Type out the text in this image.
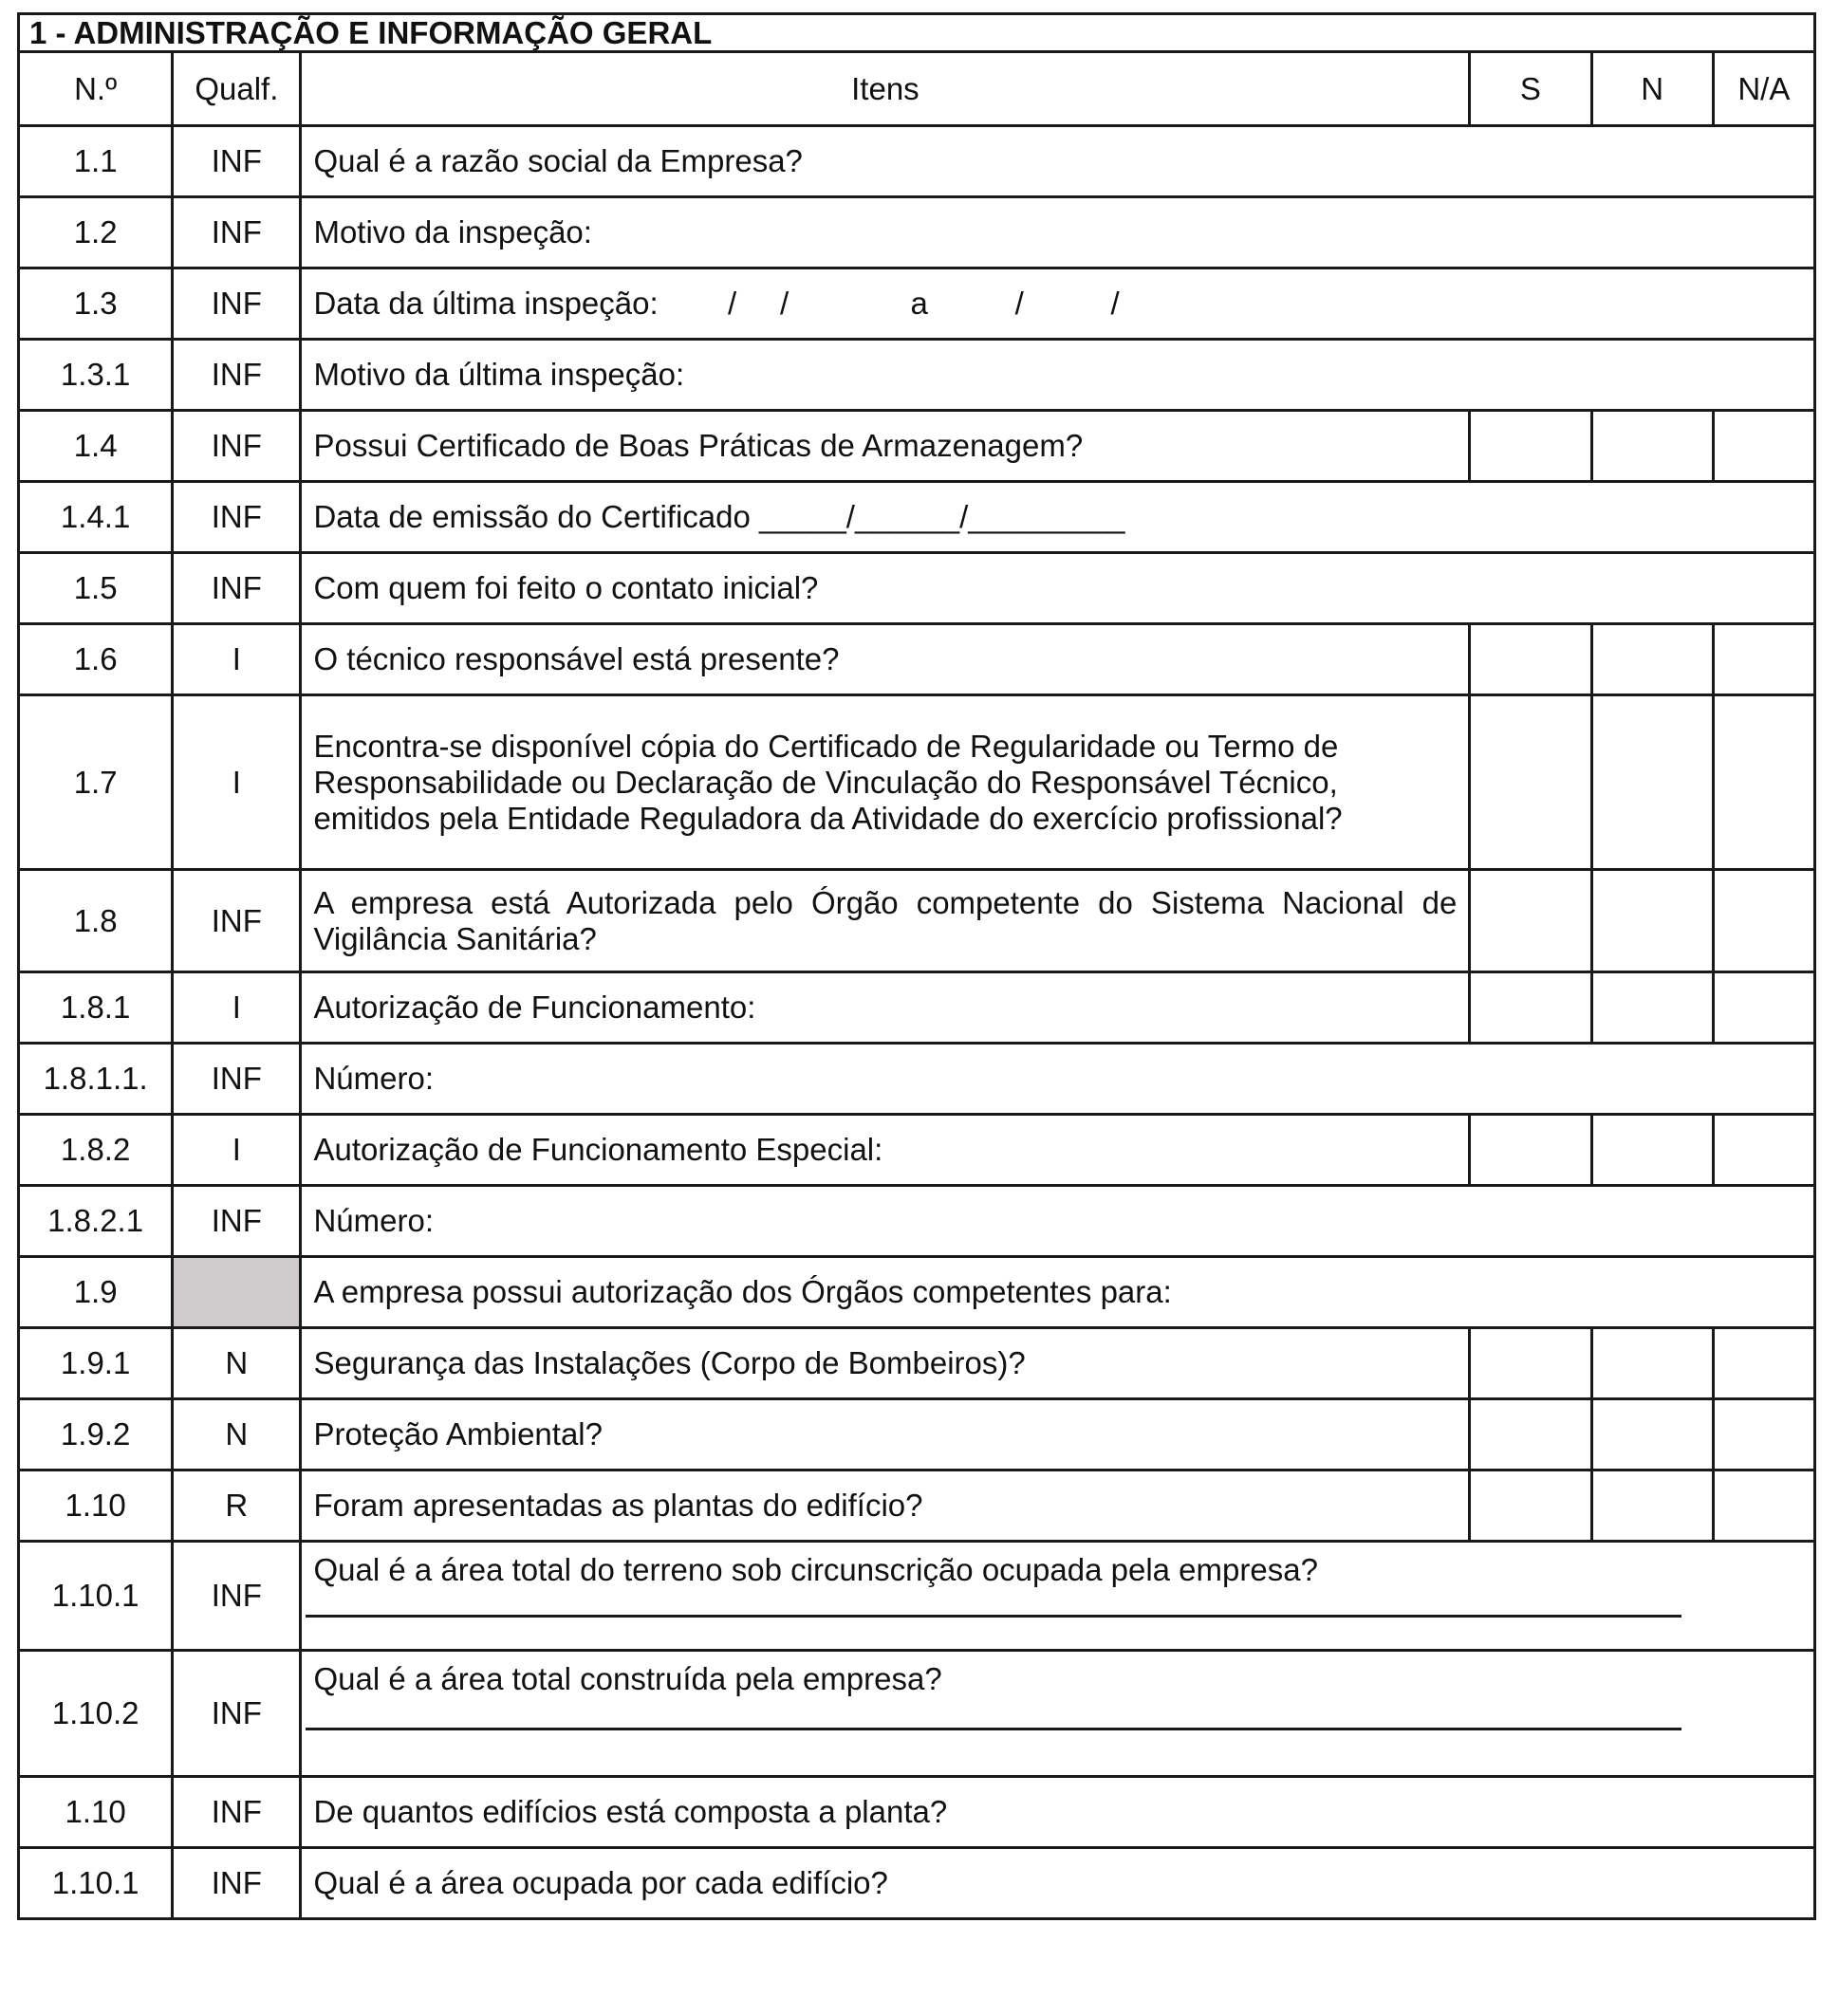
1 - ADMINISTRAÇÃO E INFORMAÇÃO GERAL					
N.º	Qualf.	Itens	S	N	N/A
1.1	INF	Qual é a razão social da Empresa?			
1.2	INF	Motivo da inspeção:			
1.3	INF	Data da última inspeção:        /     /              a          /          /			
1.3.1	INF	Motivo da última inspeção:			
1.4	INF	Possui Certificado de Boas Práticas de Armazenagem?			
1.4.1	INF	Data de emissão do Certificado _____/______/_________			
1.5	INF	Com quem foi feito o contato inicial?			
1.6	I	O técnico responsável está presente?			
1.7	I	Encontra-se disponível cópia do Certificado de Regularidade ou Termo de Responsabilidade ou Declaração de Vinculação do Responsável Técnico, emitidos pela Entidade Reguladora da Atividade do exercício profissional?			
1.8	INF	A empresa está Autorizada pelo Órgão competente do Sistema Nacional de Vigilância Sanitária?			
1.8.1	I	Autorização de Funcionamento:			
1.8.1.1.	INF	Número:			
1.8.2	I	Autorização de Funcionamento Especial:			
1.8.2.1	INF	Número:			
1.9		A empresa possui autorização dos Órgãos competentes para:			
1.9.1	N	Segurança das Instalações (Corpo de Bombeiros)?			
1.9.2	N	Proteção Ambiental?			
1.10	R	Foram apresentadas as plantas do edifício?			
1.10.1	INF	Qual é a área total do terreno sob circunscrição ocupada pela empresa?			

1.10.2	INF	Qual é a área total construída pela empresa?			

1.10	INF	De quantos edifícios está composta a planta?			
1.10.1	INF	Qual é a área ocupada por cada edifício?			
